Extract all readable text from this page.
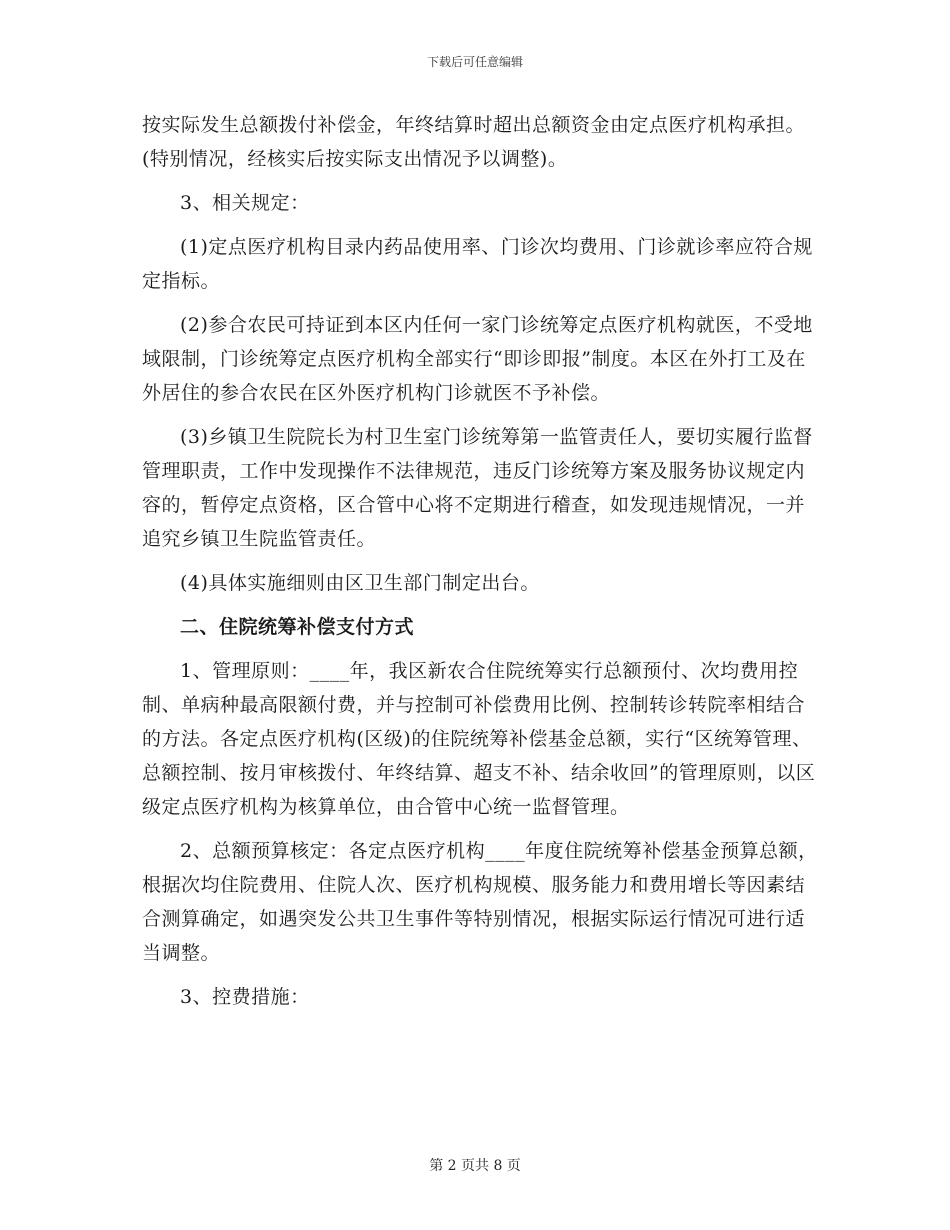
下载后可任意编辑

按实际发生总额拨付补偿金，年终结算时超出总额资金由定点医疗机构承担。(特别情况，经核实后按实际支出情况予以调整)。

3、相关规定：

(1)定点医疗机构目录内药品使用率、门诊次均费用、门诊就诊率应符合规定指标。

(2)参合农民可持证到本区内任何一家门诊统筹定点医疗机构就医，不受地域限制，门诊统筹定点医疗机构全部实行“即诊即报”制度。本区在外打工及在外居住的参合农民在区外医疗机构门诊就医不予补偿。

(3)乡镇卫生院院长为村卫生室门诊统筹第一监管责任人，要切实履行监督管理职责，工作中发现操作不法律规范，违反门诊统筹方案及服务协议规定内容的，暂停定点资格，区合管中心将不定期进行稽查，如发现违规情况，一并追究乡镇卫生院监管责任。

(4)具体实施细则由区卫生部门制定出台。

二、住院统筹补偿支付方式

1、管理原则：____年，我区新农合住院统筹实行总额预付、次均费用控制、单病种最高限额付费，并与控制可补偿费用比例、控制转诊转院率相结合的方法。各定点医疗机构(区级)的住院统筹补偿基金总额，实行“区统筹管理、总额控制、按月审核拨付、年终结算、超支不补、结余收回”的管理原则，以区级定点医疗机构为核算单位，由合管中心统一监督管理。

2、总额预算核定：各定点医疗机构____年度住院统筹补偿基金预算总额，根据次均住院费用、住院人次、医疗机构规模、服务能力和费用增长等因素结合测算确定，如遇突发公共卫生事件等特别情况，根据实际运行情况可进行适当调整。

3、控费措施：

第 2 页共 8 页
